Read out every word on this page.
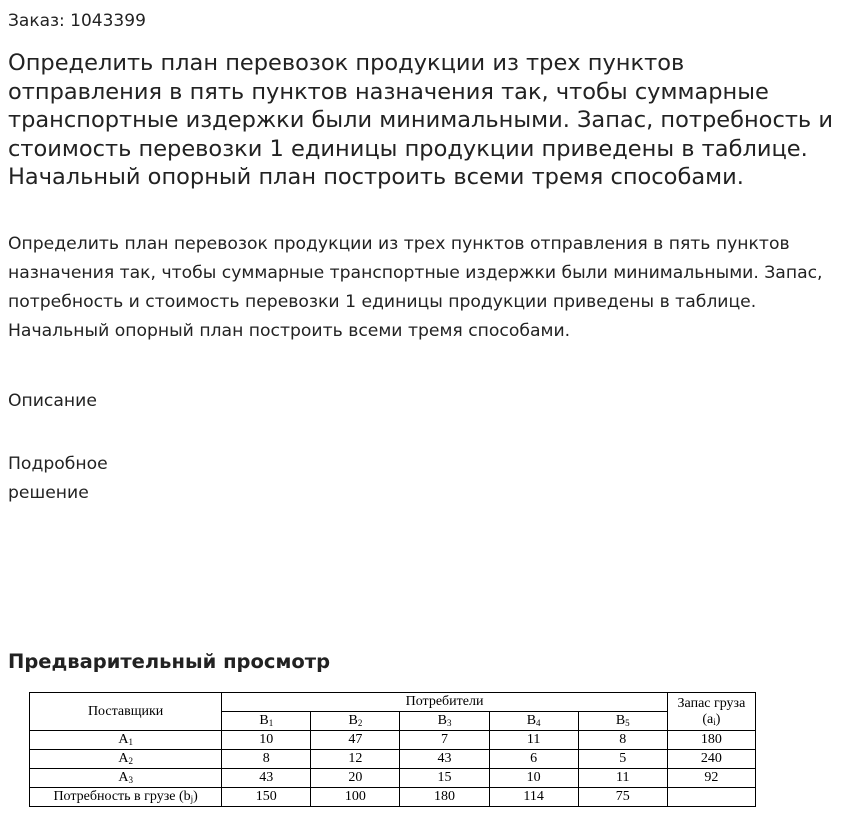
Заказ: 1043399
Определить план перевозок продукции из трех пунктов отправления в пять пунктов назначения так, чтобы суммарные транспортные издержки были минимальными. Запас, потребность и стоимость перевозки 1 единицы продукции приведены в таблице. Начальный опорный план построить всеми тремя способами.

Определить план перевозок продукции из трех пунктов отправления в пять пунктов назначения так, чтобы суммарные транспортные издержки были минимальными. Запас, потребность и стоимость перевозки 1 единицы продукции приведены в таблице. Начальный опорный план построить всеми тремя способами.

Описание
Подробное решение
Предварительный просмотр
Поставщики	Потребители					Запас груза $(a_i)$
	$B_1$	$B_2$	$B_3$	$B_4$	$B_5$
$A_1$	10	47	7	11	8	180
$A_2$	8	12	43	6	5	240
$A_3$	43	20	15	10	11	92
Потребность в грузе $(b_j)$	150	100	180	114	75	
